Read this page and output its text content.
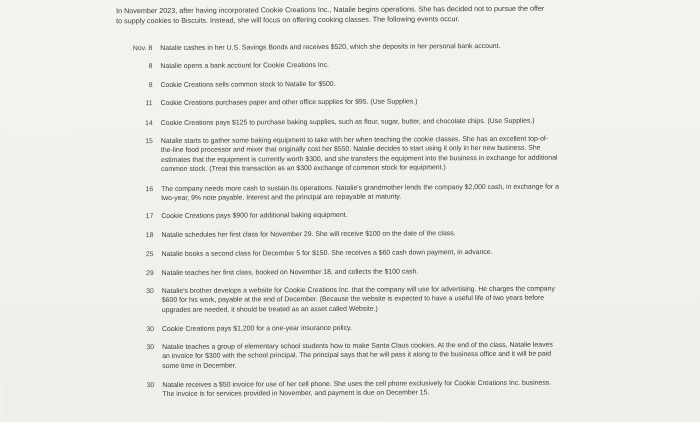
In November 2023, after having incorporated Cookie Creations Inc., Natalie begins operations. She has decided not to pursue the offer to supply cookies to Biscuits. Instead, she will focus on offering cooking classes. The following events occur.
Nov. 8 Natalie cashes in her U.S. Savings Bonds and receives $520, which she deposits in her personal bank account.
8 Natalie opens a bank account for Cookie Creations Inc.
8 Cookie Creations sells common stock to Natalie for $500.
11 Cookie Creations purchases paper and other office supplies for $95. (Use Supplies.)
14 Cookie Creations pays $125 to purchase baking supplies, such as flour, sugar, butter, and chocolate chips. (Use Supplies.)
15 Natalie starts to gather some baking equipment to take with her when teaching the cookie classes. She has an excellent top-of-the-line food processor and mixer that originally cost her $550. Natalie decides to start using it only in her new business. She estimates that the equipment is currently worth $300, and she transfers the equipment into the business in exchange for additional common stock. (Treat this transaction as an $300 exchange of common stock for equipment.)
16 The company needs more cash to sustain its operations. Natalie's grandmother lends the company $2,000 cash, in exchange for a two-year, 9% note payable. Interest and the principal are repayable at maturity.
17 Cookie Creations pays $900 for additional baking equipment.
18 Natalie schedules her first class for November 29. She will receive $100 on the date of the class.
25 Natalie books a second class for December 5 for $150. She receives a $60 cash down payment, in advance.
29 Natalie teaches her first class, booked on November 18, and collects the $100 cash.
30 Natalie's brother develops a website for Cookie Creations Inc. that the company will use for advertising. He charges the company $600 for his work, payable at the end of December. (Because the website is expected to have a useful life of two years before upgrades are needed, it should be treated as an asset called Website.)
30 Cookie Creations pays $1,200 for a one-year insurance policy.
30 Natalie teaches a group of elementary school students how to make Santa Claus cookies. At the end of the class, Natalie leaves an invoice for $300 with the school principal. The principal says that he will pass it along to the business office and it will be paid some time in December.
30 Natalie receives a $50 invoice for use of her cell phone. She uses the cell phone exclusively for Cookie Creations Inc. business. The invoice is for services provided in November, and payment is due on December 15.
